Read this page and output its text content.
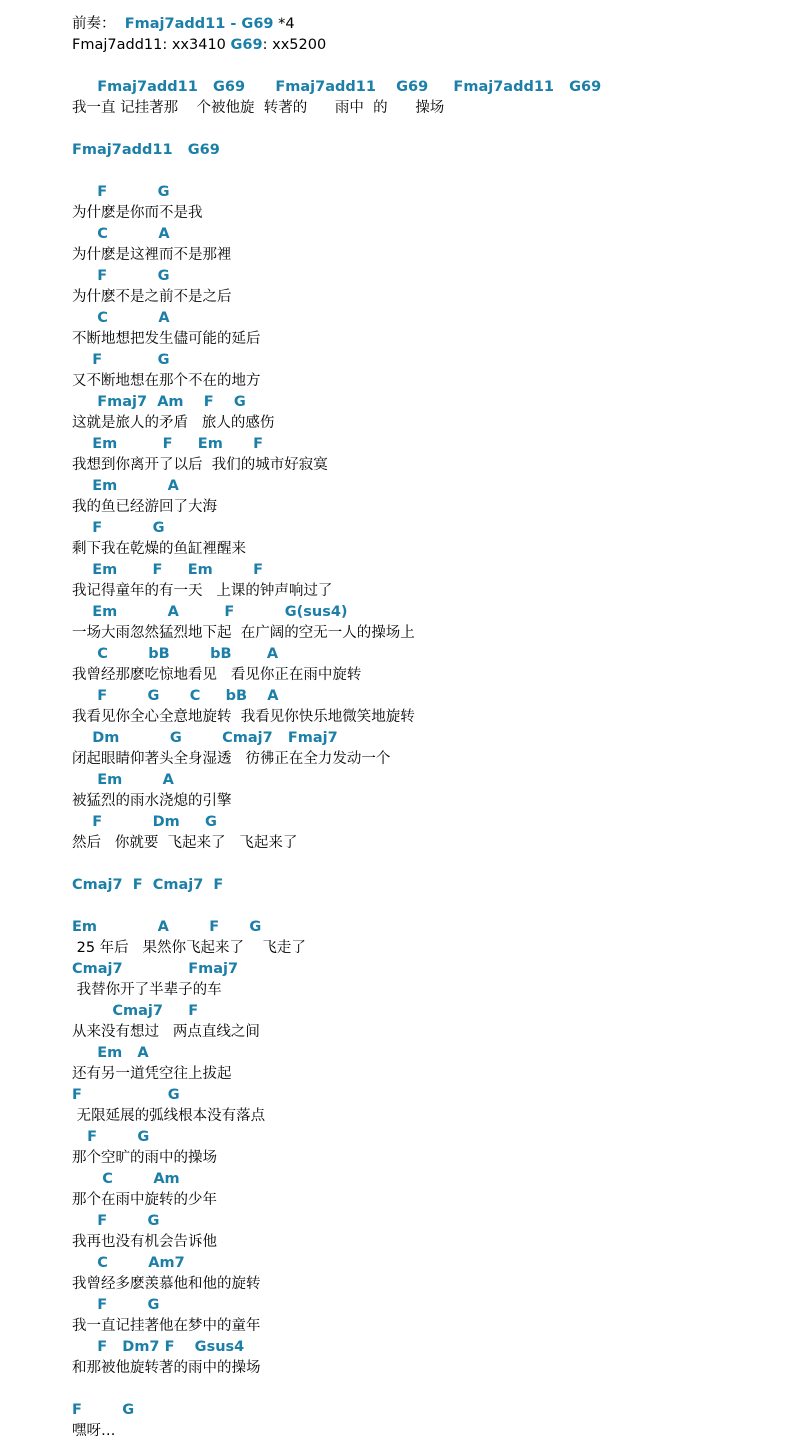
前奏：  Fmaj7add11 - G69 *4
Fmaj7add11: xx3410 G69: xx5200
Fmaj7add11   G69      Fmaj7add11    G69     Fmaj7add11   G69
我一直 记挂著那    个被他旋  转著的      雨中  的      操场

Fmaj7add11   G69

F          G
为什麽是你而不是我
C          A
为什麽是这裡而不是那裡
F          G
为什麽不是之前不是之后
C          A
不断地想把发生儘可能的延后
F           G
又不断地想在那个不在的地方
Fmaj7  Am    F    G
这就是旅人的矛盾   旅人的感伤
Em         F     Em      F
我想到你离开了以后  我们的城市好寂寞
Em          A
我的鱼已经游回了大海
F          G
剩下我在乾燥的鱼缸裡醒来
Em       F     Em        F
我记得童年的有一天   上课的钟声响过了
Em          A         F          G(sus4)
一场大雨忽然猛烈地下起  在广阔的空无一人的操场上
C        bB        bB       A
我曾经那麽吃惊地看见   看见你正在雨中旋转
F        G      C     bB    A
我看见你全心全意地旋转  我看见你快乐地微笑地旋转
Dm          G        Cmaj7   Fmaj7
闭起眼睛仰著头全身湿透   彷彿正在全力发动一个
Em        A
被猛烈的雨水浇熄的引擎
F          Dm     G
然后   你就要  飞起来了   飞起来了

Cmaj7  F  Cmaj7  F

Em            A        F      G
25 年后   果然你飞起来了    飞走了
Cmaj7             Fmaj7
我替你开了半辈子的车
Cmaj7     F
从来没有想过   两点直线之间
Em   A
还有另一道凭空往上拔起
F                 G
无限延展的弧线根本没有落点
F        G
那个空旷的雨中的操场
C        Am
那个在雨中旋转的少年
F        G
我再也没有机会告诉他
C        Am7
我曾经多麽羡慕他和他的旋转
F        G
我一直记挂著他在梦中的童年
F   Dm7 F    Gsus4
和那被他旋转著的雨中的操场

F        G
嘿呀…
